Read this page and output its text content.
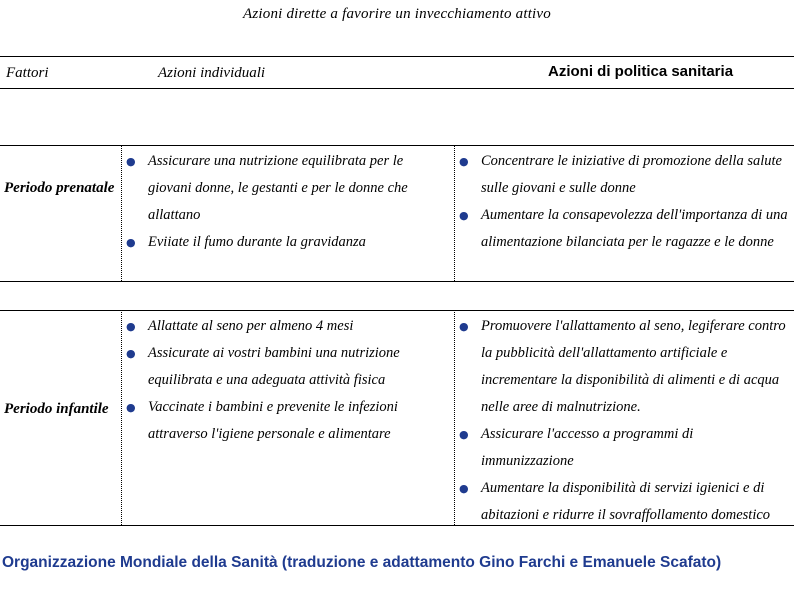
Azioni dirette a favorire un invecchiamento attivo
Fattori	Azioni individuali	Azioni di politica sanitaria
Periodo prenatale
● Assicurare una nutrizione equilibrata per le giovani donne, le gestanti e per le donne che allattano
● Eviiate il fumo durante la gravidanza
● Concentrare le iniziative di promozione della salute sulle giovani e sulle donne
● Aumentare la consapevolezza dell'importanza di una alimentazione bilanciata per le ragazze e le donne
Periodo infantile
● Allattate al seno per almeno 4 mesi
● Assicurate ai vostri bambini una nutrizione equilibrata e una adeguata attività fisica
● Vaccinate i bambini e prevenite le infezioni attraverso l'igiene personale e alimentare
● Promuovere l'allattamento al seno, legiferare contro la pubblicità dell'allattamento artificiale e incrementare la disponibilità di alimenti e di acqua nelle aree di malnutrizione.
● Assicurare l'accesso a programmi di immunizzazione
● Aumentare la disponibilità di servizi igienici e di abitazioni e ridurre il sovraffollamento domestico
Organizzazione Mondiale della Sanità (traduzione e adattamento Gino Farchi e Emanuele Scafato)
